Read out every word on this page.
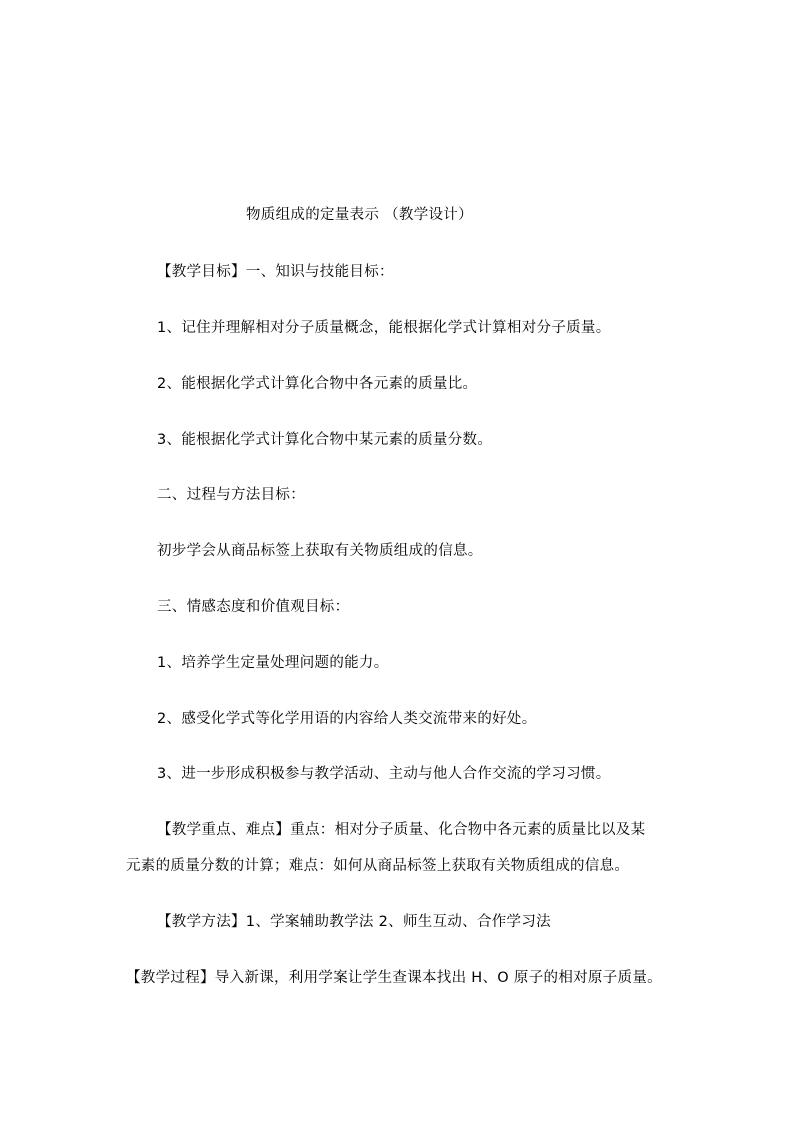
物质组成的定量表示 （教学设计）
【教学目标】一、知识与技能目标：
1、记住并理解相对分子质量概念，能根据化学式计算相对分子质量。
2、能根据化学式计算化合物中各元素的质量比。
3、能根据化学式计算化合物中某元素的质量分数。
二、过程与方法目标：
初步学会从商品标签上获取有关物质组成的信息。
三、情感态度和价值观目标：
1、培养学生定量处理问题的能力。
2、感受化学式等化学用语的内容给人类交流带来的好处。
3、进一步形成积极参与教学活动、主动与他人合作交流的学习习惯。
【教学重点、难点】重点：相对分子质量、化合物中各元素的质量比以及某
元素的质量分数的计算；难点：如何从商品标签上获取有关物质组成的信息。
【教学方法】1、学案辅助教学法 2、师生互动、合作学习法
【教学过程】导入新课，利用学案让学生查课本找出 H、O 原子的相对原子质量。
